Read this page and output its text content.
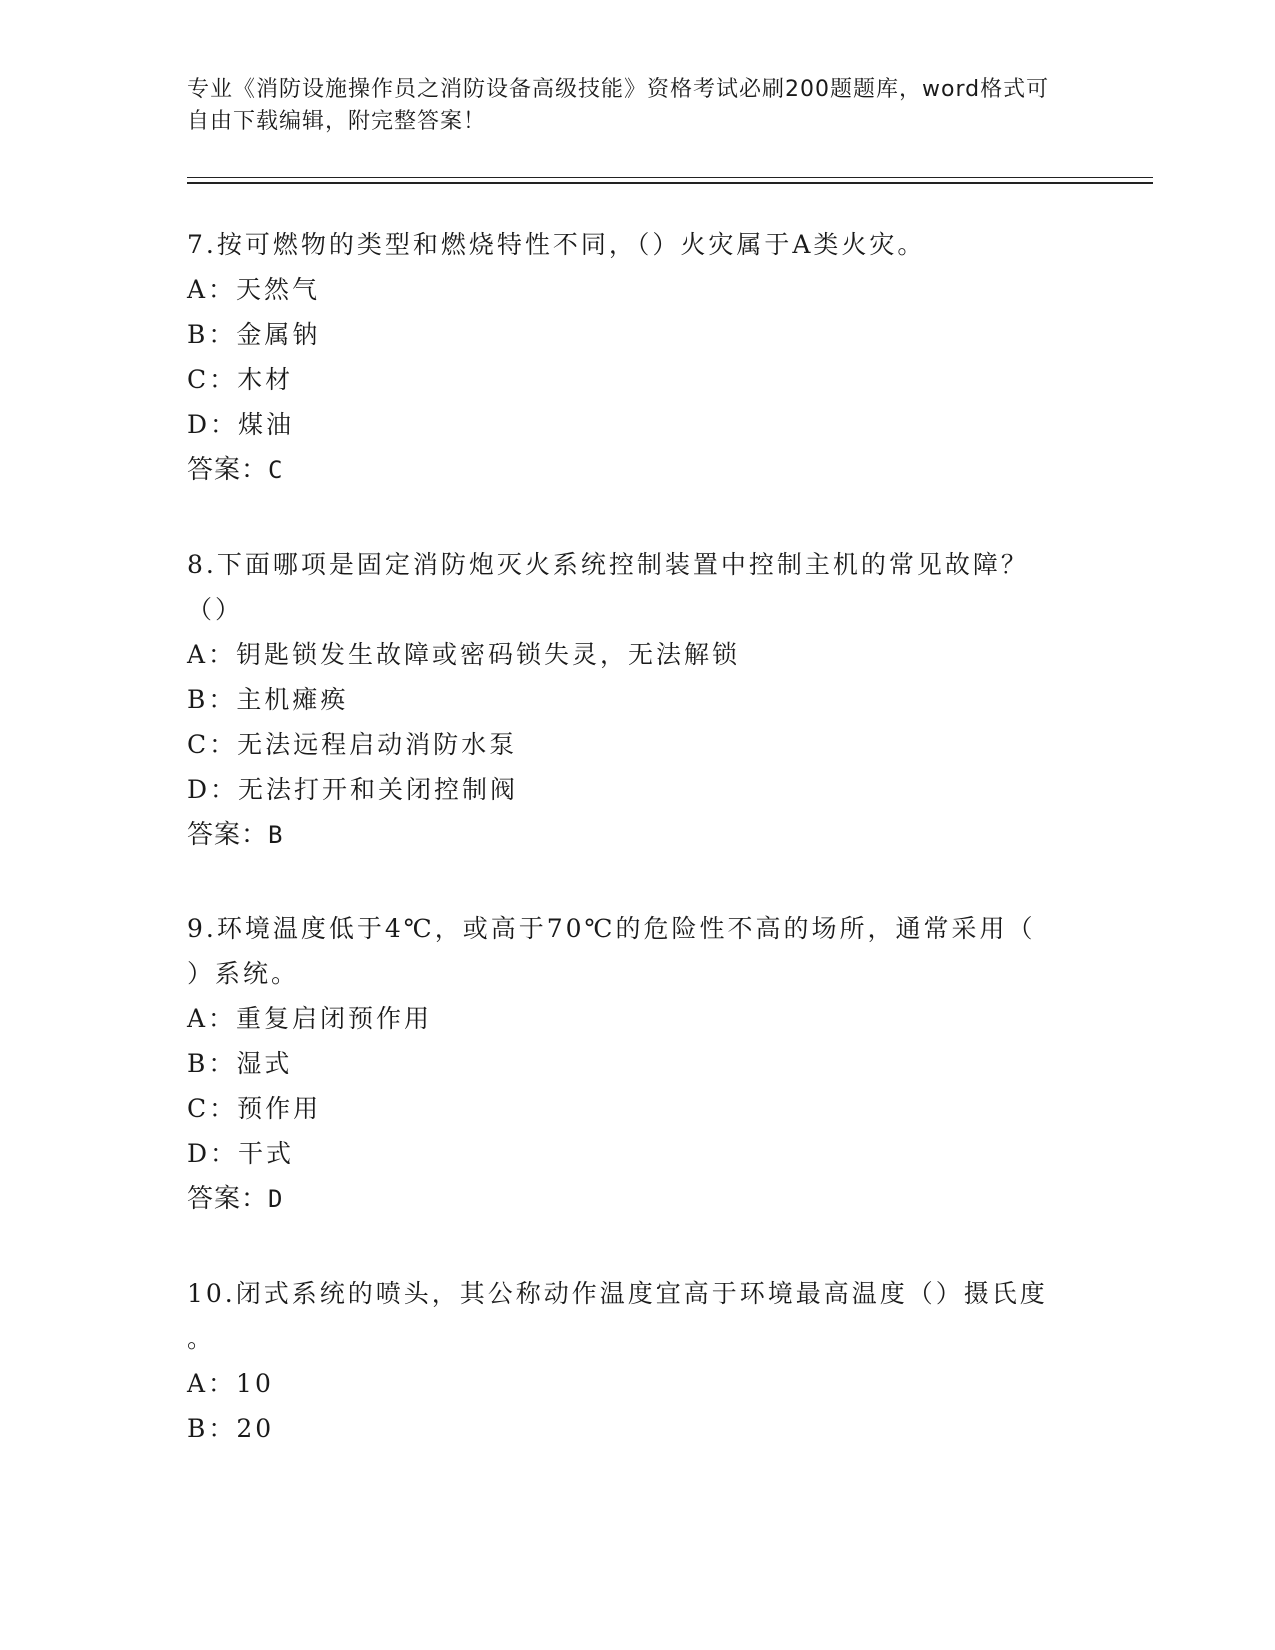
专业《消防设施操作员之消防设备高级技能》资格考试必刷200题题库，word格式可自由下载编辑，附完整答案！
7.按可燃物的类型和燃烧特性不同，（）火灾属于A类火灾。
A：天然气
B：金属钠
C：木材
D：煤油
答案：C
8.下面哪项是固定消防炮灭火系统控制装置中控制主机的常见故障？
（）
A：钥匙锁发生故障或密码锁失灵，无法解锁
B：主机瘫痪
C：无法远程启动消防水泵
D：无法打开和关闭控制阀
答案：B
9.环境温度低于4℃，或高于70℃的危险性不高的场所，通常采用（
）系统。
A：重复启闭预作用
B：湿式
C：预作用
D：干式
答案：D
10.闭式系统的喷头，其公称动作温度宜高于环境最高温度（）摄氏度
。
A：10
B：20
